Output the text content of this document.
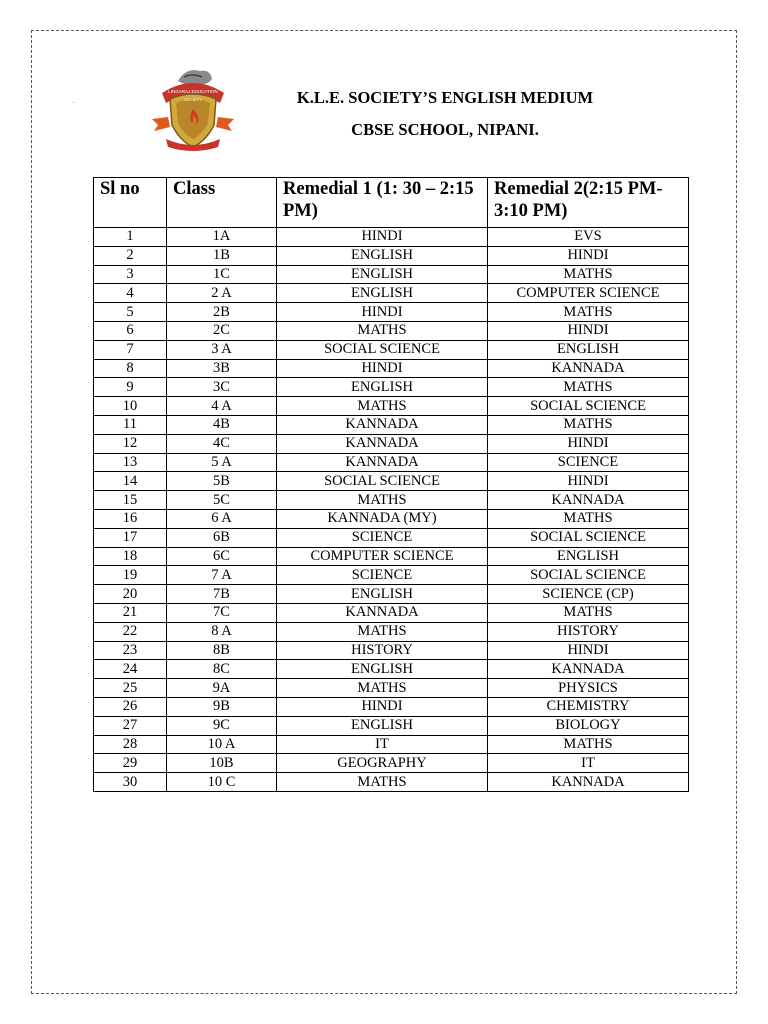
.
LINGARAJ EDUCATION
SOCIETY	K.L.E. SOCIETY’S ENGLISH MEDIUM
CBSE SCHOOL, NIPANI.
Sl no	Class	Remedial 1 (1: 30 – 2:15 PM)	Remedial 2(2:15 PM- 3:10 PM)
1	1A	HINDI	EVS
2	1B	ENGLISH	HINDI
3	1C	ENGLISH	MATHS
4	2 A	ENGLISH	COMPUTER SCIENCE
5	2B	HINDI	MATHS
6	2C	MATHS	HINDI
7	3 A	SOCIAL SCIENCE	ENGLISH
8	3B	HINDI	KANNADA
9	3C	ENGLISH	MATHS
10	4 A	MATHS	SOCIAL SCIENCE
11	4B	KANNADA	MATHS
12	4C	KANNADA	HINDI
13	5 A	KANNADA	SCIENCE
14	5B	SOCIAL SCIENCE	HINDI
15	5C	MATHS	KANNADA
16	6 A	KANNADA (MY)	MATHS
17	6B	SCIENCE	SOCIAL SCIENCE
18	6C	COMPUTER SCIENCE	ENGLISH
19	7 A	SCIENCE	SOCIAL SCIENCE
20	7B	ENGLISH	SCIENCE (CP)
21	7C	KANNADA	MATHS
22	8 A	MATHS	HISTORY
23	8B	HISTORY	HINDI
24	8C	ENGLISH	KANNADA
25	9A	MATHS	PHYSICS
26	9B	HINDI	CHEMISTRY
27	9C	ENGLISH	BIOLOGY
28	10 A	IT	MATHS
29	10B	GEOGRAPHY	IT
30	10 C	MATHS	KANNADA
